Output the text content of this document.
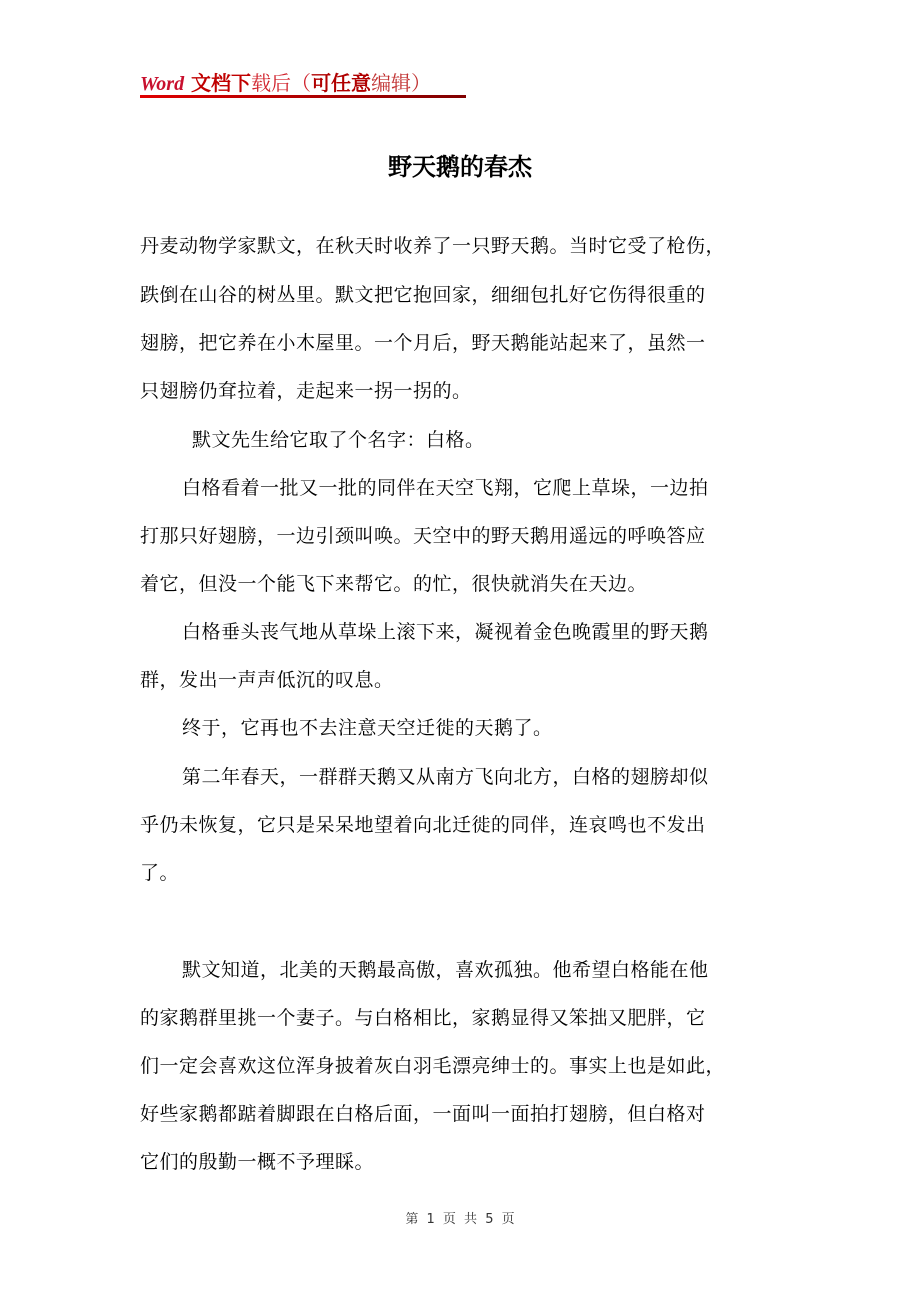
Word 文档下载后（可任意编辑）
野天鹅的春杰
丹麦动物学家默文，在秋天时收养了一只野天鹅。当时它受了枪伤，
跌倒在山谷的树丛里。默文把它抱回家，细细包扎好它伤得很重的
翅膀，把它养在小木屋里。一个月后，野天鹅能站起来了，虽然一
只翅膀仍耷拉着，走起来一拐一拐的。
默文先生给它取了个名字：白格。
白格看着一批又一批的同伴在天空飞翔，它爬上草垛，一边拍
打那只好翅膀，一边引颈叫唤。天空中的野天鹅用遥远的呼唤答应
着它，但没一个能飞下来帮它。的忙，很快就消失在天边。
白格垂头丧气地从草垛上滚下来，凝视着金色晚霞里的野天鹅
群，发出一声声低沉的叹息。
终于，它再也不去注意天空迁徙的天鹅了。
第二年春天，一群群天鹅又从南方飞向北方，白格的翅膀却似
乎仍未恢复，它只是呆呆地望着向北迁徙的同伴，连哀鸣也不发出
了。
默文知道，北美的天鹅最高傲，喜欢孤独。他希望白格能在他
的家鹅群里挑一个妻子。与白格相比，家鹅显得又笨拙又肥胖，它
们一定会喜欢这位浑身披着灰白羽毛漂亮绅士的。事实上也是如此，
好些家鹅都踮着脚跟在白格后面，一面叫一面拍打翅膀，但白格对
它们的殷勤一概不予理睬。
第 1 页 共 5 页
